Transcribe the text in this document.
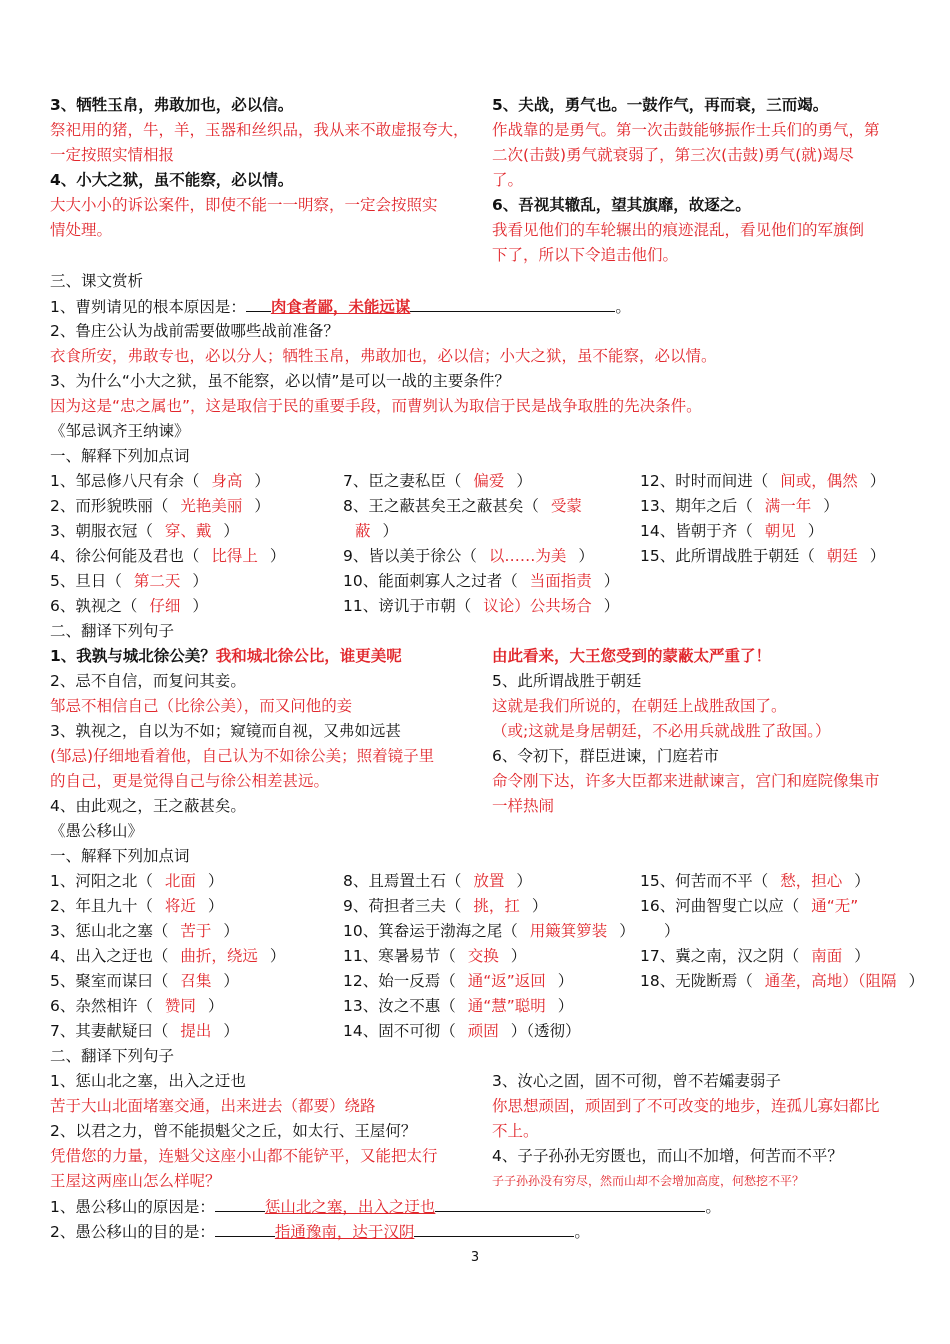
3、牺牲玉帛，弗敢加也，必以信。
祭祀用的猪，牛，羊，玉器和丝织品，我从来不敢虚报夸大，
一定按照实情相报
4、小大之狱，虽不能察，必以情。
大大小小的诉讼案件，即使不能一一明察，一定会按照实
情处理。
5、夫战，勇气也。一鼓作气，再而衰，三而竭。
作战靠的是勇气。第一次击鼓能够振作士兵们的勇气，第
二次(击鼓)勇气就衰弱了，第三次(击鼓)勇气(就)竭尽
了。
6、吾视其辙乱，望其旗靡，故逐之。
我看见他们的车轮辗出的痕迹混乱，看见他们的军旗倒
下了，所以下令追击他们。
三、课文赏析
1、曹刿请见的根本原因是： 肉食者鄙，未能远谋	。
2、鲁庄公认为战前需要做哪些战前准备？
衣食所安，弗敢专也，必以分人；牺牲玉帛，弗敢加也，必以信；小大之狱，虽不能察，必以情。
3、为什么“小大之狱，虽不能察，必以情”是可以一战的主要条件？
因为这是“忠之属也”，这是取信于民的重要手段，而曹刿认为取信于民是战争取胜的先决条件。
《邹忌讽齐王纳谏》
一、解释下列加点词
1、邹忌修八尺有余（ 身高 ）
2、而形貌昳丽（ 光艳美丽 ）
3、朝服衣冠（ 穿、戴 ）
4、徐公何能及君也（ 比得上 ）
5、旦日（ 第二天 ）
6、孰视之（ 仔细 ）
7、臣之妻私臣（ 偏爱 ）
8、王之蔽甚矣王之蔽甚矣（ 受蒙
蔽 ）
9、皆以美于徐公（ 以……为美 ）
10、能面刺寡人之过者（ 当面指责 ）
11、谤讥于市朝（ 议论）公共场合 ）
12、时时而间进（ 间或，偶然 ）
13、期年之后（ 满一年 ）
14、皆朝于齐（ 朝见 ）
15、此所谓战胜于朝廷（ 朝廷 ）
二、翻译下列句子
1、我孰与城北徐公美？我和城北徐公比，谁更美呢
2、忌不自信，而复问其妾。
邹忌不相信自己（比徐公美），而又问他的妾
3、孰视之，自以为不如；窥镜而自视，又弗如远甚
(邹忌)仔细地看着他，自己认为不如徐公美；照着镜子里
的自己，更是觉得自己与徐公相差甚远。
4、由此观之，王之蔽甚矣。
由此看来，大王您受到的蒙蔽太严重了！
5、此所谓战胜于朝廷
这就是我们所说的，在朝廷上战胜敌国了。
（或;这就是身居朝廷，不必用兵就战胜了敌国。）
6、令初下，群臣进谏，门庭若市
命令刚下达，许多大臣都来进献谏言，宫门和庭院像集市
一样热闹
《愚公移山》
一、解释下列加点词
1、河阳之北（ 北面 ）
2、年且九十（ 将近 ）
3、惩山北之塞（ 苦于 ）
4、出入之迂也（ 曲折，绕远 ）
5、聚室而谋曰（ 召集 ）
6、杂然相许（ 赞同 ）
7、其妻献疑曰（ 提出 ）
8、且焉置土石（ 放置 ）
9、荷担者三夫（ 挑，扛 ）
10、箕畚运于渤海之尾（ 用簸箕箩装 ）
11、寒暑易节（ 交换 ）
12、始一反焉（ 通“返”返回 ）
13、汝之不惠（ 通“慧”聪明 ）
14、固不可彻（ 顽固 ）（透彻）
15、何苦而不平（ 愁，担心 ）
16、河曲智叟亡以应（ 通“无”
）
17、冀之南，汉之阴（ 南面 ）
18、无陇断焉（ 通垄，高地）（阻隔 ）
二、翻译下列句子
1、惩山北之塞，出入之迂也
苦于大山北面堵塞交通，出来进去（都要）绕路
2、以君之力，曾不能损魁父之丘，如太行、王屋何？
凭借您的力量，连魁父这座小山都不能铲平，又能把太行
王屋这两座山怎么样呢？
3、汝心之固，固不可彻，曾不若孀妻弱子
你思想顽固，顽固到了不可改变的地步，连孤儿寡妇都比
不上。
4、子子孙孙无穷匮也，而山不加增，何苦而不平？
子子孙孙没有穷尽，然而山却不会增加高度，何愁挖不平？
1、愚公移山的原因是：	惩山北之塞，出入之迂也	。
2、愚公移山的目的是：	指通豫南，达于汉阴	。
3
